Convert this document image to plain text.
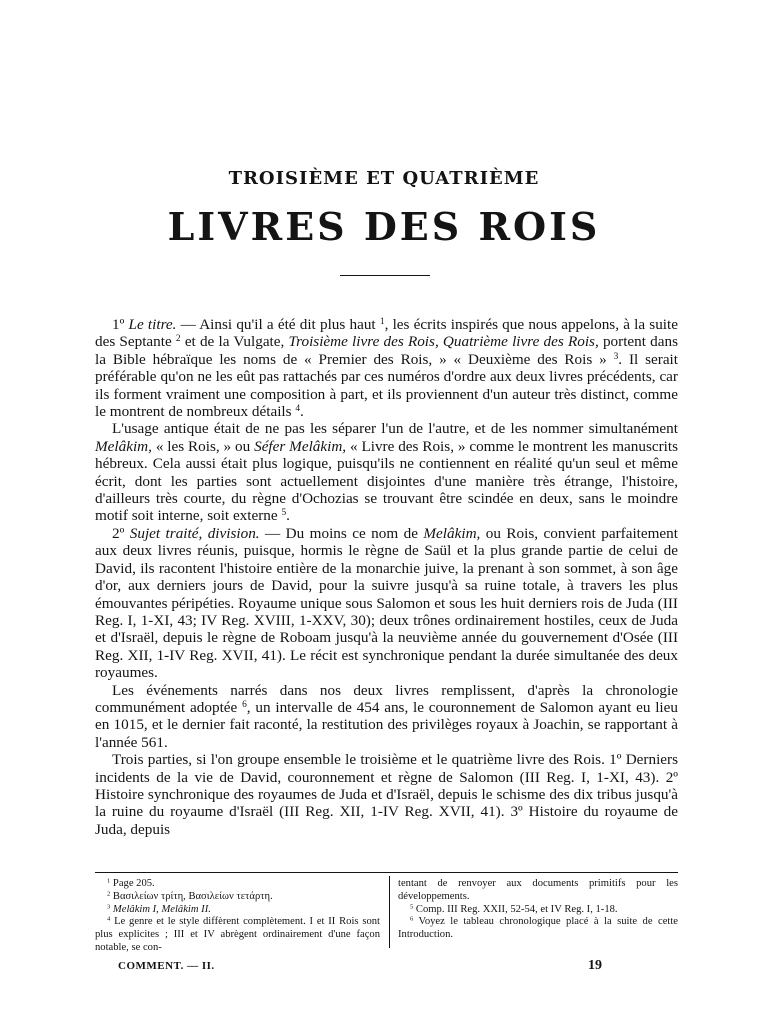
TROISIÈME ET QUATRIÈME
LIVRES DES ROIS

1º Le titre. — Ainsi qu'il a été dit plus haut $^1$, les écrits inspirés que nous appelons, à la suite des Septante $^2$ et de la Vulgate, Troisième livre des Rois, Quatrième livre des Rois, portent dans la Bible hébraïque les noms de « Premier des Rois, » « Deuxième des Rois » $^3$. Il serait préférable qu'on ne les eût pas rattachés par ces numéros d'ordre aux deux livres précédents, car ils forment vraiment une composition à part, et ils proviennent d'un auteur très distinct, comme le montrent de nombreux détails $^4$.

L'usage antique était de ne pas les séparer l'un de l'autre, et de les nommer simultanément Melâkim, « les Rois, » ou Séfer Melâkim, « Livre des Rois, » comme le montrent les manuscrits hébreux. Cela aussi était plus logique, puisqu'ils ne contiennent en réalité qu'un seul et même écrit, dont les parties sont actuellement disjointes d'une manière très étrange, l'histoire, d'ailleurs très courte, du règne d'Ochozias se trouvant être scindée en deux, sans le moindre motif soit interne, soit externe $^5$.

2º Sujet traité, division. — Du moins ce nom de Melâkim, ou Rois, convient parfaitement aux deux livres réunis, puisque, hormis le règne de Saül et la plus grande partie de celui de David, ils racontent l'histoire entière de la monarchie juive, la prenant à son sommet, à son âge d'or, aux derniers jours de David, pour la suivre jusqu'à sa ruine totale, à travers les plus émouvantes péripéties. Royaume unique sous Salomon et sous les huit derniers rois de Juda (III Reg. I, 1-XI, 43; IV Reg. XVIII, 1-XXV, 30); deux trônes ordinairement hostiles, ceux de Juda et d'Israël, depuis le règne de Roboam jusqu'à la neuvième année du gouvernement d'Osée (III Reg. XII, 1-IV Reg. XVII, 41). Le récit est synchronique pendant la durée simultanée des deux royaumes.

Les événements narrés dans nos deux livres remplissent, d'après la chronologie communément adoptée $^6$, un intervalle de 454 ans, le couronnement de Salomon ayant eu lieu en 1015, et le dernier fait raconté, la restitution des privilèges royaux à Joachin, se rapportant à l'année 561.

Trois parties, si l'on groupe ensemble le troisième et le quatrième livre des Rois. 1º Derniers incidents de la vie de David, couronnement et règne de Salomon (III Reg. I, 1-XI, 43). 2º Histoire synchronique des royaumes de Juda et d'Israël, depuis le schisme des dix tribus jusqu'à la ruine du royaume d'Israël (III Reg. XII, 1-IV Reg. XVII, 41). 3º Histoire du royaume de Juda, depuis

$^1$ Page 205.

$^2$ Βασιλείων τρίτη, Βασιλείων τετάρτη.

$^3$ Melâkim I, Melâkim II.

$^4$ Le genre et le style diffèrent complètement. I et II Rois sont plus explicites ; III et IV abrègent ordinairement d'une façon notable, se con-

tentant de renvoyer aux documents primitifs pour les développements.

$^5$ Comp. III Reg. XXII, 52-54, et IV Reg. I, 1-18.

$^6$ Voyez le tableau chronologique placé à la suite de cette Introduction.

COMMENT. — II.	19
